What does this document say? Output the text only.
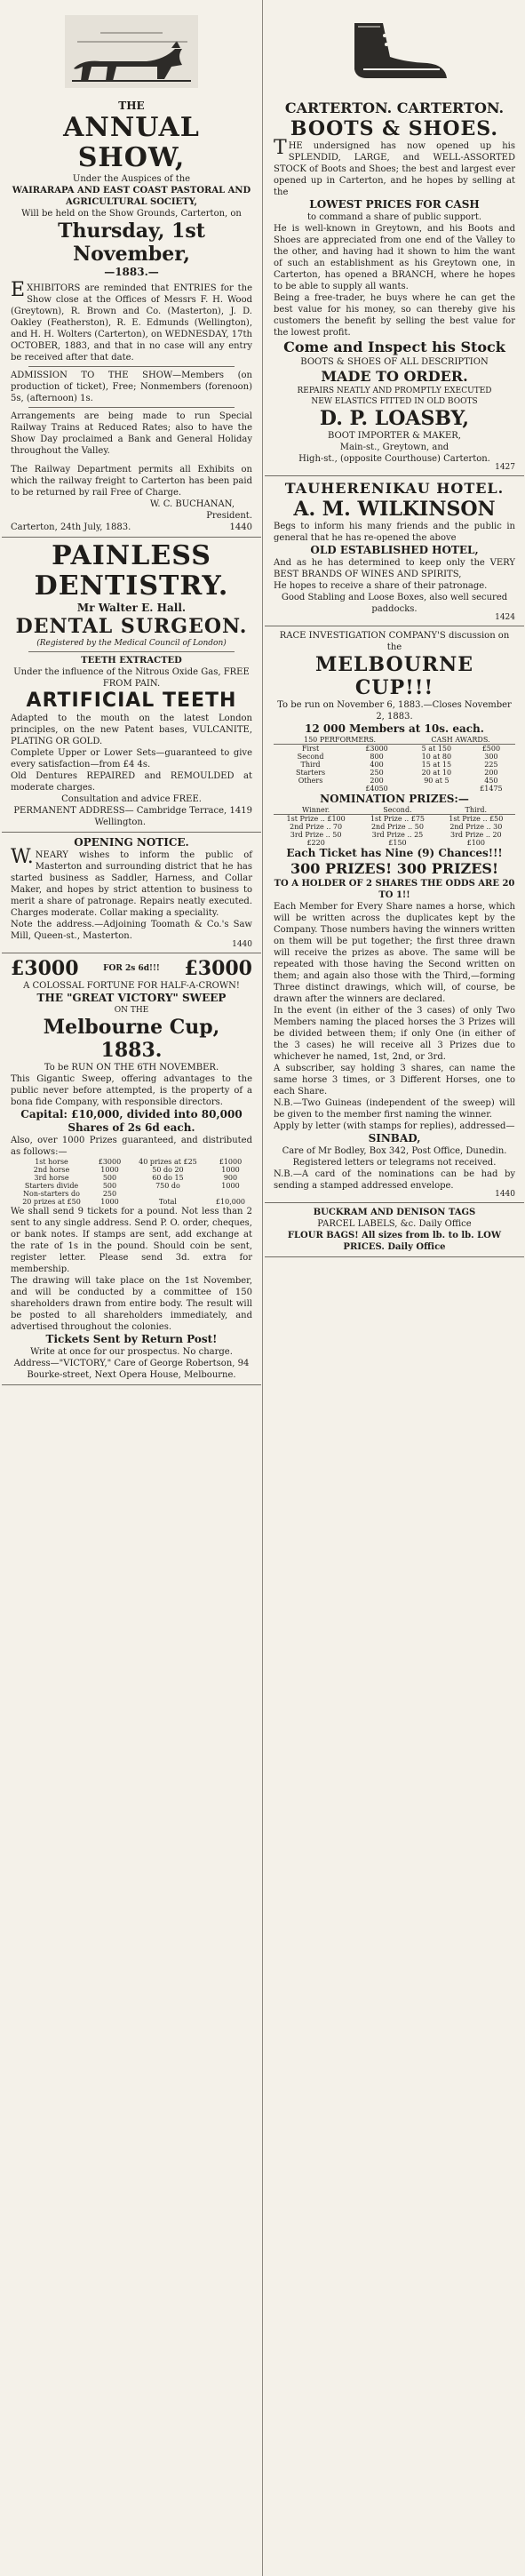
THE
ANNUAL SHOW,
Under the Auspices of the
WAIRARAPA AND EAST COAST PASTORAL AND AGRICULTURAL SOCIETY,
Will be held on the Show Grounds, Carterton, on
Thursday, 1st November,
—1883.—

EXHIBITORS are reminded that ENTRIES for the Show close at the Offices of Messrs F. H. Wood (Greytown), R. Brown and Co. (Masterton), J. D. Oakley (Featherston), R. E. Edmunds (Wellington), and H. H. Wolters (Carterton), on WEDNESDAY, 17th OCTOBER, 1883, and that in no case will any entry be received after that date.

ADMISSION TO THE SHOW—Members (on production of ticket), Free; Nonmembers (forenoon) 5s, (afternoon) 1s.

Arrangements are being made to run Special Railway Trains at Reduced Rates; also to have the Show Day proclaimed a Bank and General Holiday throughout the Valley.

The Railway Department permits all Exhibits on which the railway freight to Carterton has been paid to be returned by rail Free of Charge.

W. C. BUCHANAN,
President.
Carterton, 24th July, 1883.	1440
PAINLESS
DENTISTRY.
Mr Walter E. Hall.
DENTAL SURGEON.
(Registered by the Medical Council of London)
TEETH EXTRACTED
Under the influence of the Nitrous Oxide Gas, FREE FROM PAIN.
ARTIFICIAL TEETH

Adapted to the mouth on the latest London principles, on the new Patent bases, VULCANITE, PLATING OR GOLD.

Complete Upper or Lower Sets—guaranteed to give every satisfaction—from £4 4s.

Old Dentures REPAIRED and REMOULDED at moderate charges.

Consultation and advice FREE.
PERMANENT ADDRESS— Cambridge Terrace, Wellington.
1419
OPENING NOTICE.

W.NEARY wishes to inform the public of Masterton and surrounding district that he has started business as Saddler, Harness, and Collar Maker, and hopes by strict attention to business to merit a share of patronage. Repairs neatly executed. Charges moderate. Collar making a speciality.

Note the address.—Adjoining Toomath & Co.'s Saw Mill, Queen-st., Masterton.

1440
£3000	FOR 2s 6d!!! £3000
A COLOSSAL FORTUNE FOR HALF-A-CROWN!
THE "GREAT VICTORY" SWEEP
ON THE
Melbourne Cup, 1883.
To be RUN ON THE 6TH NOVEMBER.

This Gigantic Sweep, offering advantages to the public never before attempted, is the property of a bona fide Company, with responsible directors.

Capital: £10,000, divided into 80,000 Shares of 2s 6d each.

Also, over 1000 Prizes guaranteed, and distributed as follows:—

1st horse	£3000	40 prizes at £25	£1000
2nd horse	1000	50 do 20	1000
3rd horse	500	60 do 15	900
Starters divide	500	750 do	1000
Non-starters do	250		
20 prizes at £50	1000	Total	£10,000

We shall send 9 tickets for a pound. Not less than 2 sent to any single address. Send P. O. order, cheques, or bank notes. If stamps are sent, add exchange at the rate of 1s in the pound. Should coin be sent, register letter. Please send 3d. extra for membership.

The drawing will take place on the 1st November, and will be conducted by a committee of 150 shareholders drawn from entire body. The result will be posted to all shareholders immediately, and advertised throughout the colonies.

Tickets Sent by Return Post!
Write at once for our prospectus. No charge.
Address—"VICTORY," Care of George Robertson, 94 Bourke-street, Next Opera House, Melbourne.
CARTERTON. CARTERTON.
BOOTS & SHOES.

THE undersigned has now opened up his SPLENDID, LARGE, and WELL-ASSORTED STOCK of Boots and Shoes; the best and largest ever opened up in Carterton, and he hopes by selling at the

LOWEST PRICES FOR CASH
to command a share of public support.

He is well-known in Greytown, and his Boots and Shoes are appreciated from one end of the Valley to the other, and having had it shown to him the want of such an establishment as his Greytown one, in Carterton, has opened a BRANCH, where he hopes to be able to supply all wants.

Being a free-trader, he buys where he can get the best value for his money, so can thereby give his customers the benefit by selling the best value for the lowest profit.

Come and Inspect his Stock
BOOTS & SHOES OF ALL DESCRIPTION
MADE TO ORDER.
REPAIRS NEATLY AND PROMPTLY EXECUTED
NEW ELASTICS FITTED IN OLD BOOTS
D. P. LOASBY,
BOOT IMPORTER & MAKER,
Main-st., Greytown, and
High-st., (opposite Courthouse) Carterton.
1427
TAUHERENIKAU HOTEL.
A. M. WILKINSON

Begs to inform his many friends and the public in general that he has re-opened the above

OLD ESTABLISHED HOTEL,

And as he has determined to keep only the VERY BEST BRANDS OF WINES AND SPIRITS,

He hopes to receive a share of their patronage.

Good Stabling and Loose Boxes, also well secured paddocks.
1424
RACE INVESTIGATION COMPANY'S discussion on the
MELBOURNE CUP!!!
To be run on November 6, 1883.—Closes November 2, 1883.
12 000 Members at 10s. each.
150 PERFORMERS.		CASH AWARDS.	
First	£3000	5 at 150	£500
Second	800	10 at 80	300
Third	400	15 at 15	225
Starters	250	20 at 10	200
Others	200	90 at 5	450
	£4050		£1475
NOMINATION PRIZES:—
Winner.	Second.	Third.
1st Prize .. £100	1st Prize .. £75	1st Prize .. £50
2nd Prize .. 70	2nd Prize .. 50	2nd Prize .. 30
3rd Prize .. 50	3rd Prize .. 25	3rd Prize .. 20
£220	£150	£100
Each Ticket has Nine (9) Chances!!!
300 PRIZES! 300 PRIZES!
TO A HOLDER OF 2 SHARES THE ODDS ARE 20 TO 1!!

Each Member for Every Share names a horse, which will be written across the duplicates kept by the Company. Those numbers having the winners written on them will be put together; the first three drawn will receive the prizes as above. The same will be repeated with those having the Second written on them; and again also those with the Third,—forming Three distinct drawings, which will, of course, be drawn after the winners are declared.

In the event (in either of the 3 cases) of only Two Members naming the placed horses the 3 Prizes will be divided between them; if only One (in either of the 3 cases) he will receive all 3 Prizes due to whichever he named, 1st, 2nd, or 3rd.

A subscriber, say holding 3 shares, can name the same horse 3 times, or 3 Different Horses, one to each Share.

N.B.—Two Guineas (independent of the sweep) will be given to the member first naming the winner.

Apply by letter (with stamps for replies), addressed—

SINBAD,
Care of Mr Bodley, Box 342, Post Office, Dunedin.
Registered letters or telegrams not received.

N.B.—A card of the nominations can be had by sending a stamped addressed envelope.

1440
BUCKRAM AND DENISON TAGS
PARCEL LABELS, &c. Daily Office
FLOUR BAGS! All sizes from lb. to lb. LOW PRICES. Daily Office
